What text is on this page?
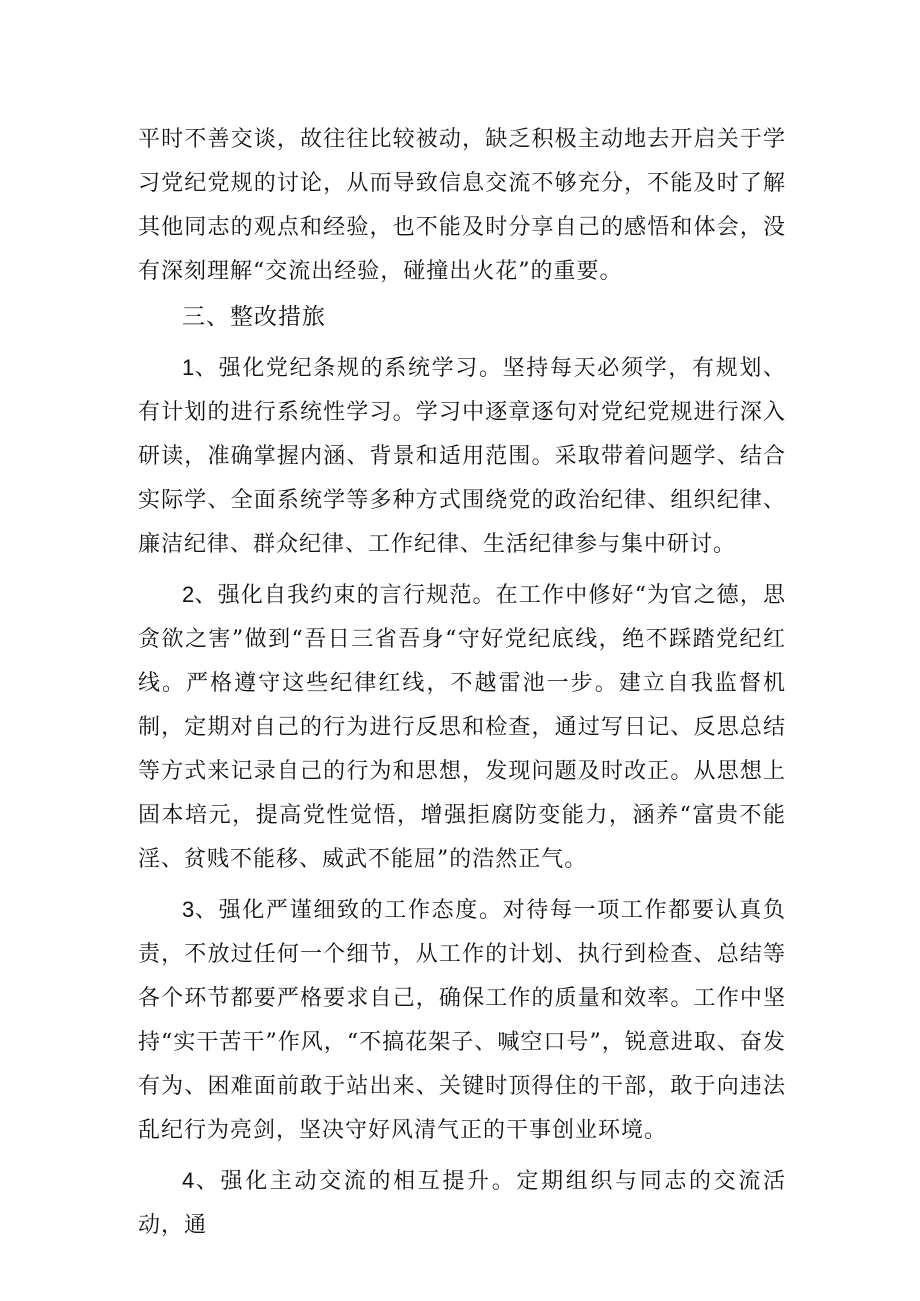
平时不善交谈，故往往比较被动，缺乏积极主动地去开启关于学习党纪党规的讨论，从而导致信息交流不够充分，不能及时了解其他同志的观点和经验，也不能及时分享自己的感悟和体会，没有深刻理解“交流出经验，碰撞出火花”的重要。

三、整改措旅

1、强化党纪条规的系统学习。坚持每天必须学，有规划、有计划的进行系统性学习。学习中逐章逐句对党纪党规进行深入研读，准确掌握内涵、背景和适用范围。采取带着问题学、结合实际学、全面系统学等多种方式围绕党的政治纪律、组织纪律、廉洁纪律、群众纪律、工作纪律、生活纪律参与集中研讨。

2、强化自我约束的言行规范。在工作中修好“为官之德，思贪欲之害”做到“吾日三省吾身“守好党纪底线，绝不踩踏党纪红线。严格遵守这些纪律红线，不越雷池一步。建立自我监督机制，定期对自己的行为进行反思和检查，通过写日记、反思总结等方式来记录自己的行为和思想，发现问题及时改正。从思想上固本培元，提高党性觉悟，增强拒腐防变能力，涵养“富贵不能淫、贫贱不能移、威武不能屈”的浩然正气。

3、强化严谨细致的工作态度。对待每一项工作都要认真负责，不放过任何一个细节，从工作的计划、执行到检查、总结等各个环节都要严格要求自己，确保工作的质量和效率。工作中坚持“实干苦干”作风，“不搞花架子、喊空口号”，锐意进取、奋发有为、困难面前敢于站出来、关键时顶得住的干部，敢于向违法乱纪行为亮剑，坚决守好风清气正的干事创业环境。

4、强化主动交流的相互提升。定期组织与同志的交流活动，通
